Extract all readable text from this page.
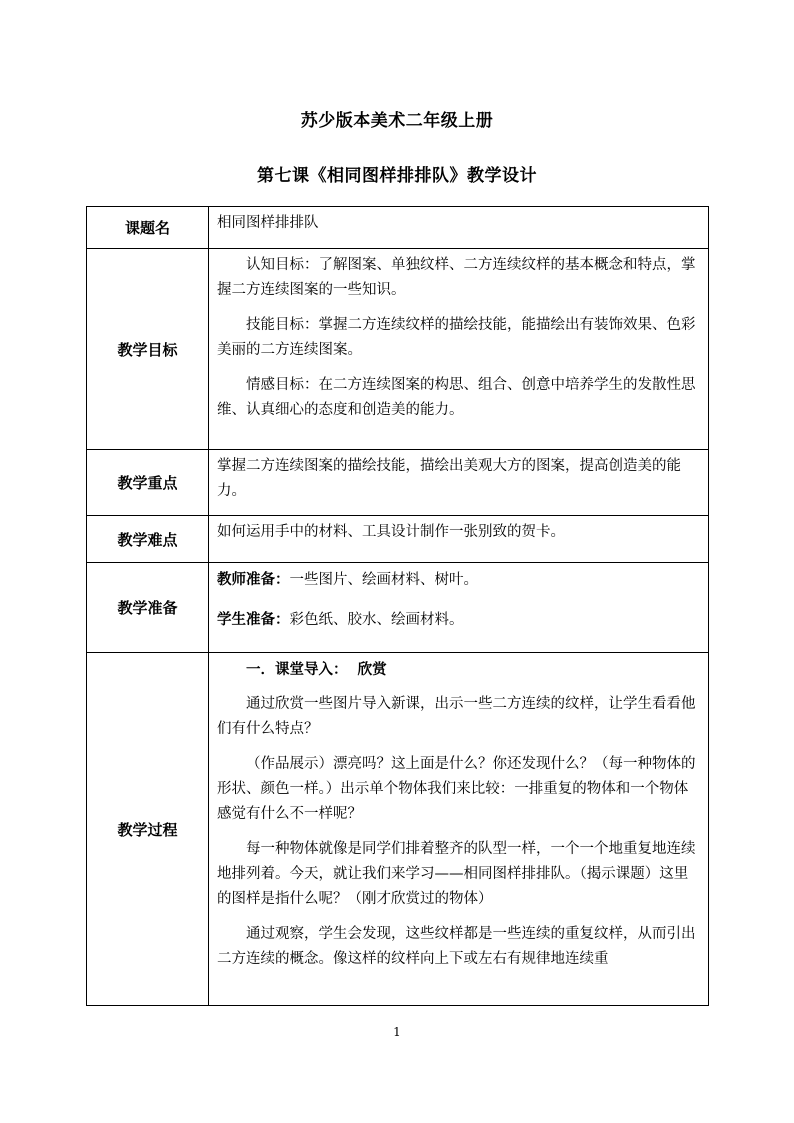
苏少版本美术二年级上册
第七课《相同图样排排队》教学设计
课题名	相同图样排排队

教学目标	认知目标：了解图案、单独纹样、二方连续纹样的基本概念和特点，掌握二方连续图案的一些知识。

技能目标：掌握二方连续纹样的描绘技能，能描绘出有装饰效果、色彩美丽的二方连续图案。

情感目标：在二方连续图案的构思、组合、创意中培养学生的发散性思维、认真细心的态度和创造美的能力。

教学重点	掌握二方连续图案的描绘技能，描绘出美观大方的图案，提高创造美的能力。

教学难点	如何运用手中的材料、工具设计制作一张别致的贺卡。

教学准备	教师准备：一些图片、绘画材料、树叶。

学生准备：彩色纸、胶水、绘画材料。

教学过程	一．课堂导入：  欣赏

通过欣赏一些图片导入新课，出示一些二方连续的纹样，让学生看看他们有什么特点？

（作品展示）漂亮吗？这上面是什么？你还发现什么？（每一种物体的形状、颜色一样。）出示单个物体我们来比较：一排重复的物体和一个物体感觉有什么不一样呢？

每一种物体就像是同学们排着整齐的队型一样，一个一个地重复地连续地排列着。今天，就让我们来学习——相同图样排排队。（揭示课题）这里的图样是指什么呢？（刚才欣赏过的物体）

通过观察，学生会发现，这些纹样都是一些连续的重复纹样，从而引出二方连续的概念。像这样的纹样向上下或左右有规律地连续重

1
